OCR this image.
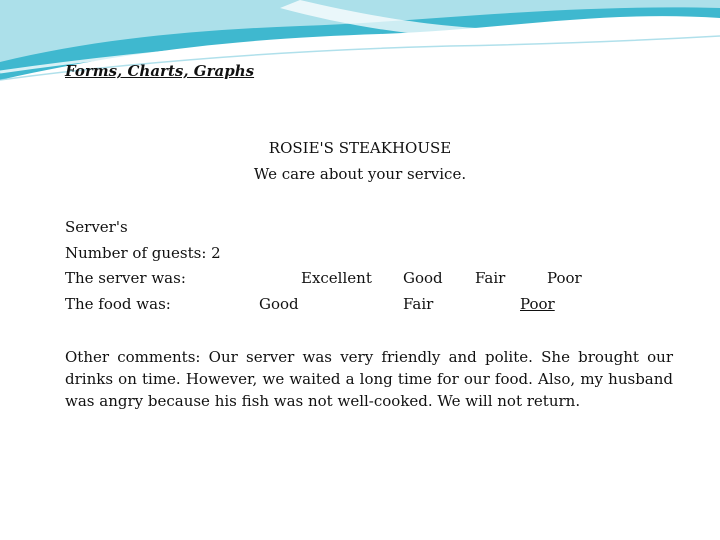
Forms, Charts, Graphs
ROSIE'S STEAKHOUSE
We care about your service.
Server's
Number of guests: 2
The server was:	Excellent Good Fair	Poor
The food was:	Good	Fair	Poor
Other comments: Our server was very friendly and polite. She brought our drinks on time. However, we waited a long time for our food. Also, my husband was angry because his fish was not well-cooked. We will not return.
